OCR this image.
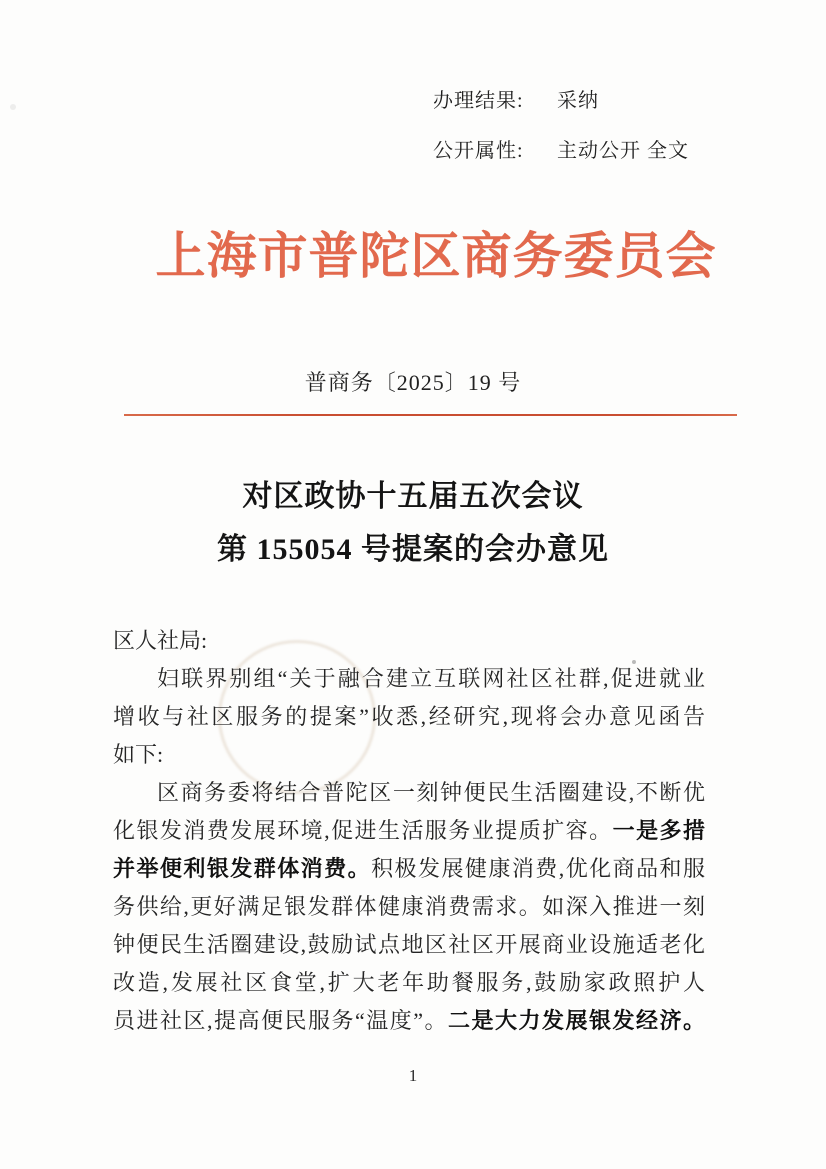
办理结果:	采纳
公开属性:	主动公开 全文
上海市普陀区商务委员会
普商务〔2025〕19 号
对区政协十五届五次会议
第 155054 号提案的会办意见
区人社局:
妇联界别组“关于融合建立互联网社区社群,促进就业
增收与社区服务的提案”收悉,经研究,现将会办意见函告
如下:
区商务委将结合普陀区一刻钟便民生活圈建设,不断优
化银发消费发展环境,促进生活服务业提质扩容。一是多措
并举便利银发群体消费。积极发展健康消费,优化商品和服
务供给,更好满足银发群体健康消费需求。如深入推进一刻
钟便民生活圈建设,鼓励试点地区社区开展商业设施适老化
改造,发展社区食堂,扩大老年助餐服务,鼓励家政照护人
员进社区,提高便民服务“温度”。二是大力发展银发经济。
1
